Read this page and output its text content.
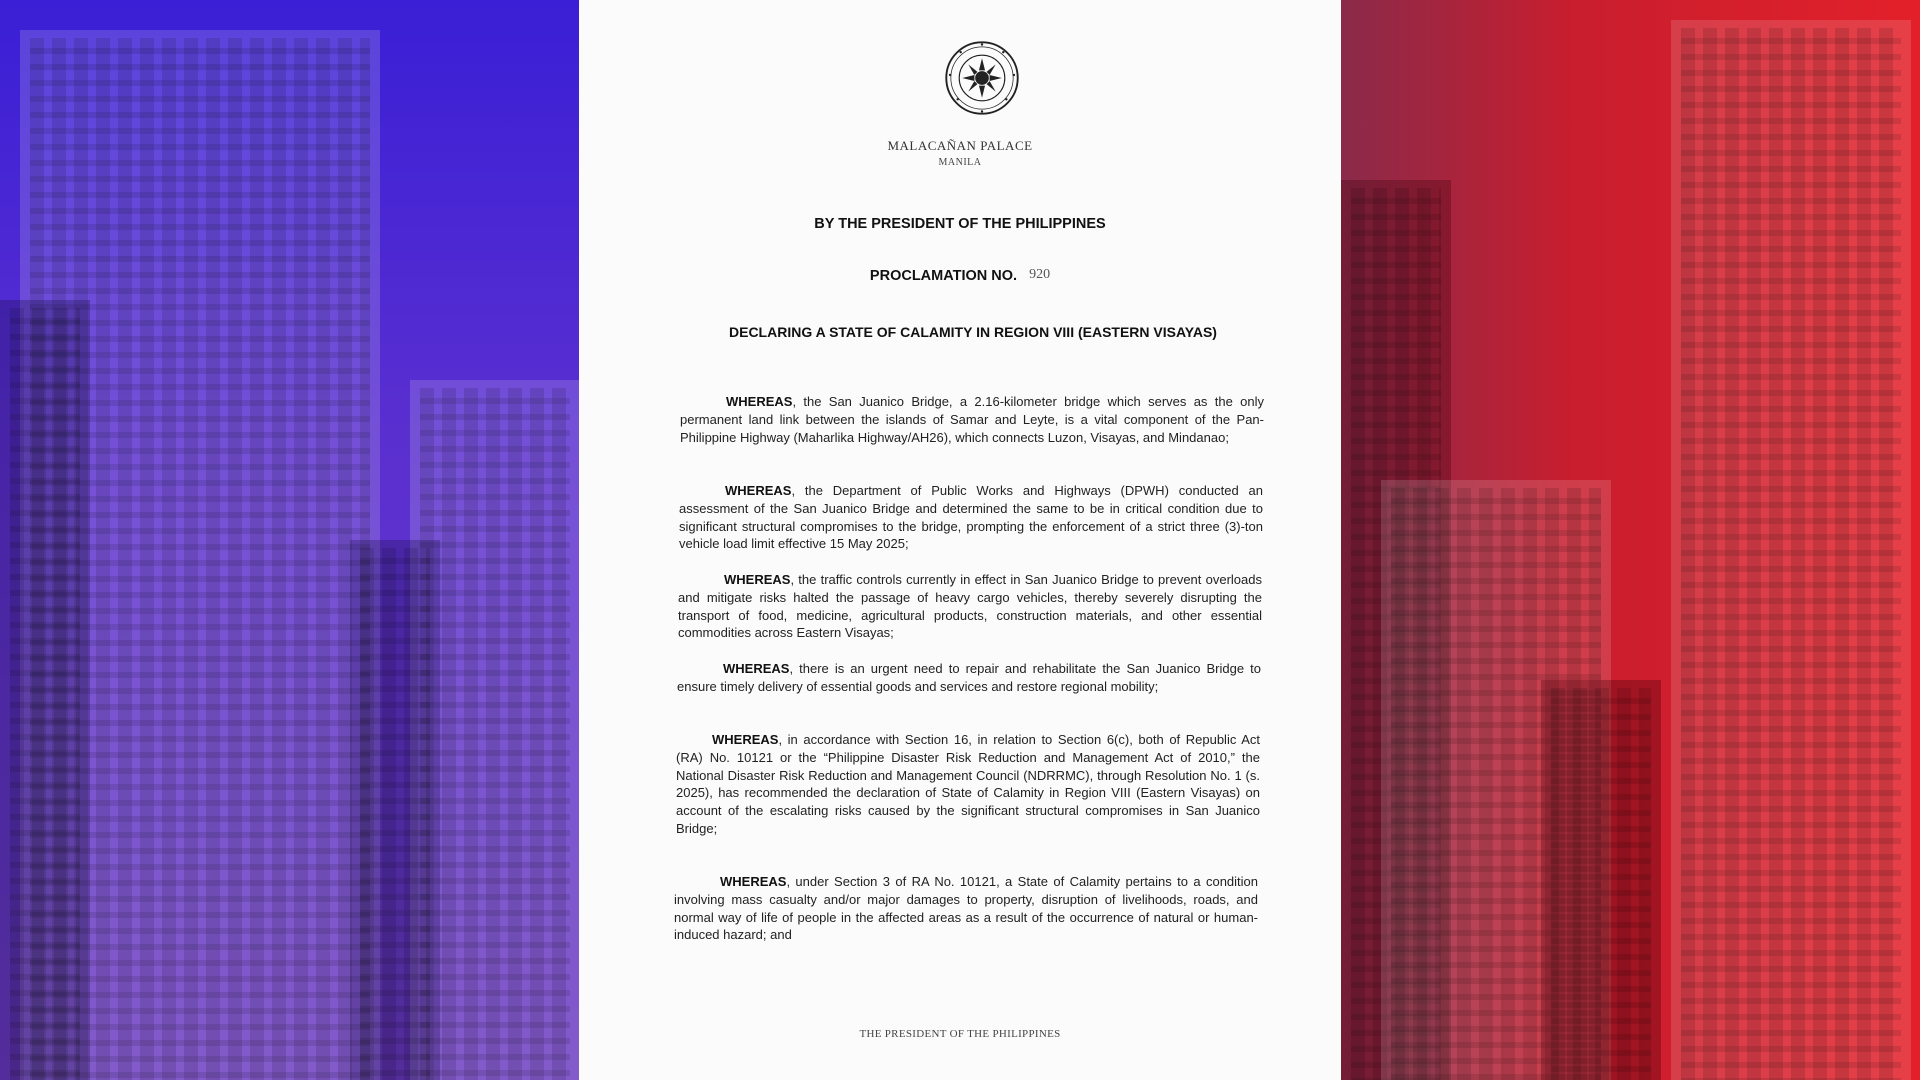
MALACAÑAN PALACE
MANILA
BY THE PRESIDENT OF THE PHILIPPINES
PROCLAMATION NO. 920
DECLARING A STATE OF CALAMITY IN REGION VIII (EASTERN VISAYAS)
WHEREAS, the San Juanico Bridge, a 2.16-kilometer bridge which serves as the only permanent land link between the islands of Samar and Leyte, is a vital component of the Pan-Philippine Highway (Maharlika Highway/AH26), which connects Luzon, Visayas, and Mindanao;
WHEREAS, the Department of Public Works and Highways (DPWH) conducted an assessment of the San Juanico Bridge and determined the same to be in critical condition due to significant structural compromises to the bridge, prompting the enforcement of a strict three (3)-ton vehicle load limit effective 15 May 2025;
WHEREAS, the traffic controls currently in effect in San Juanico Bridge to prevent overloads and mitigate risks halted the passage of heavy cargo vehicles, thereby severely disrupting the transport of food, medicine, agricultural products, construction materials, and other essential commodities across Eastern Visayas;
WHEREAS, there is an urgent need to repair and rehabilitate the San Juanico Bridge to ensure timely delivery of essential goods and services and restore regional mobility;
WHEREAS, in accordance with Section 16, in relation to Section 6(c), both of Republic Act (RA) No. 10121 or the “Philippine Disaster Risk Reduction and Management Act of 2010,” the National Disaster Risk Reduction and Management Council (NDRRMC), through Resolution No. 1 (s. 2025), has recommended the declaration of State of Calamity in Region VIII (Eastern Visayas) on account of the escalating risks caused by the significant structural compromises in San Juanico Bridge;
WHEREAS, under Section 3 of RA No. 10121, a State of Calamity pertains to a condition involving mass casualty and/or major damages to property, disruption of livelihoods, roads, and normal way of life of people in the affected areas as a result of the occurrence of natural or human-induced hazard; and
THE PRESIDENT OF THE PHILIPPINES
